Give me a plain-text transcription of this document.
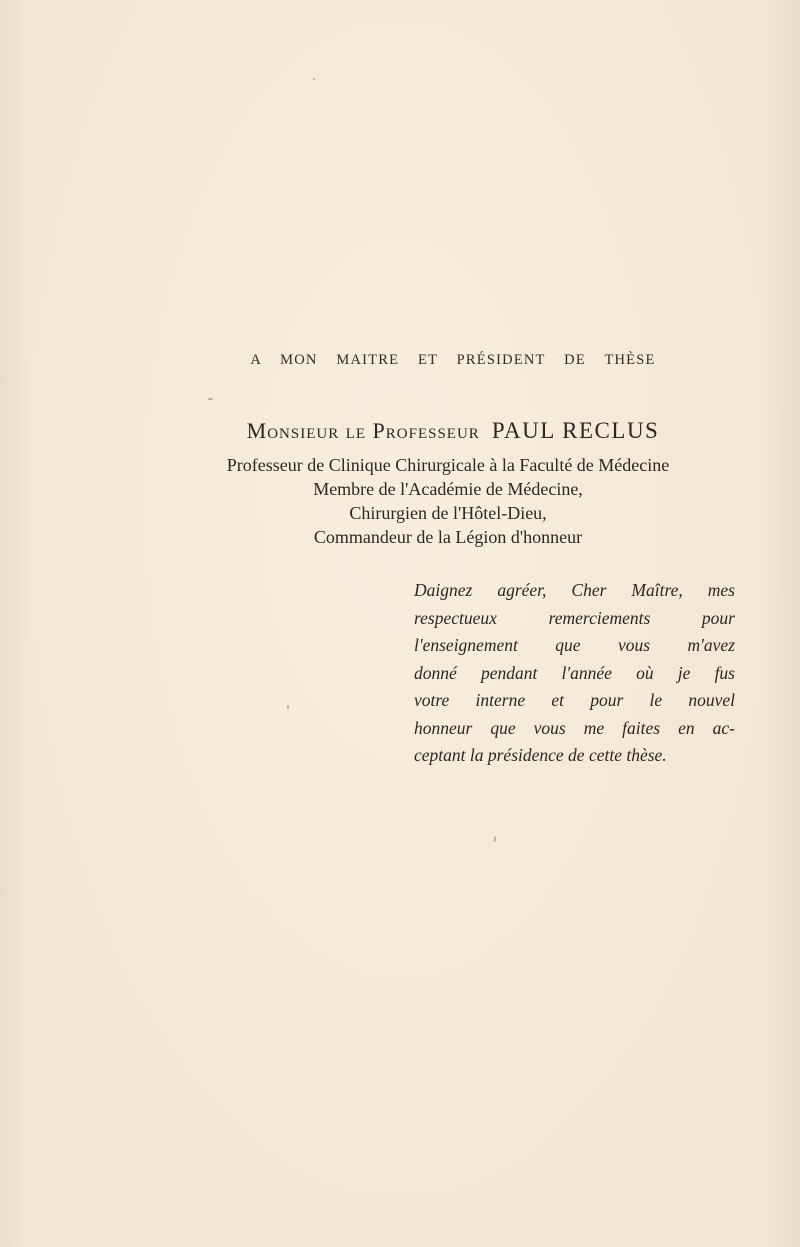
A MON MAITRE ET PRÉSIDENT DE THÈSE
Monsieur le Professeur PAUL RECLUS
Professeur de Clinique Chirurgicale à la Faculté de Médecine
Membre de l'Académie de Médecine,
Chirurgien de l'Hôtel-Dieu,
Commandeur de la Légion d'honneur
Daignez agréer, Cher Maître, mes
respectueux remerciements pour
l'enseignement que vous m'avez
donné pendant l'année où je fus
votre interne et pour le nouvel
honneur que vous me faites en ac-
ceptant la présidence de cette thèse.
